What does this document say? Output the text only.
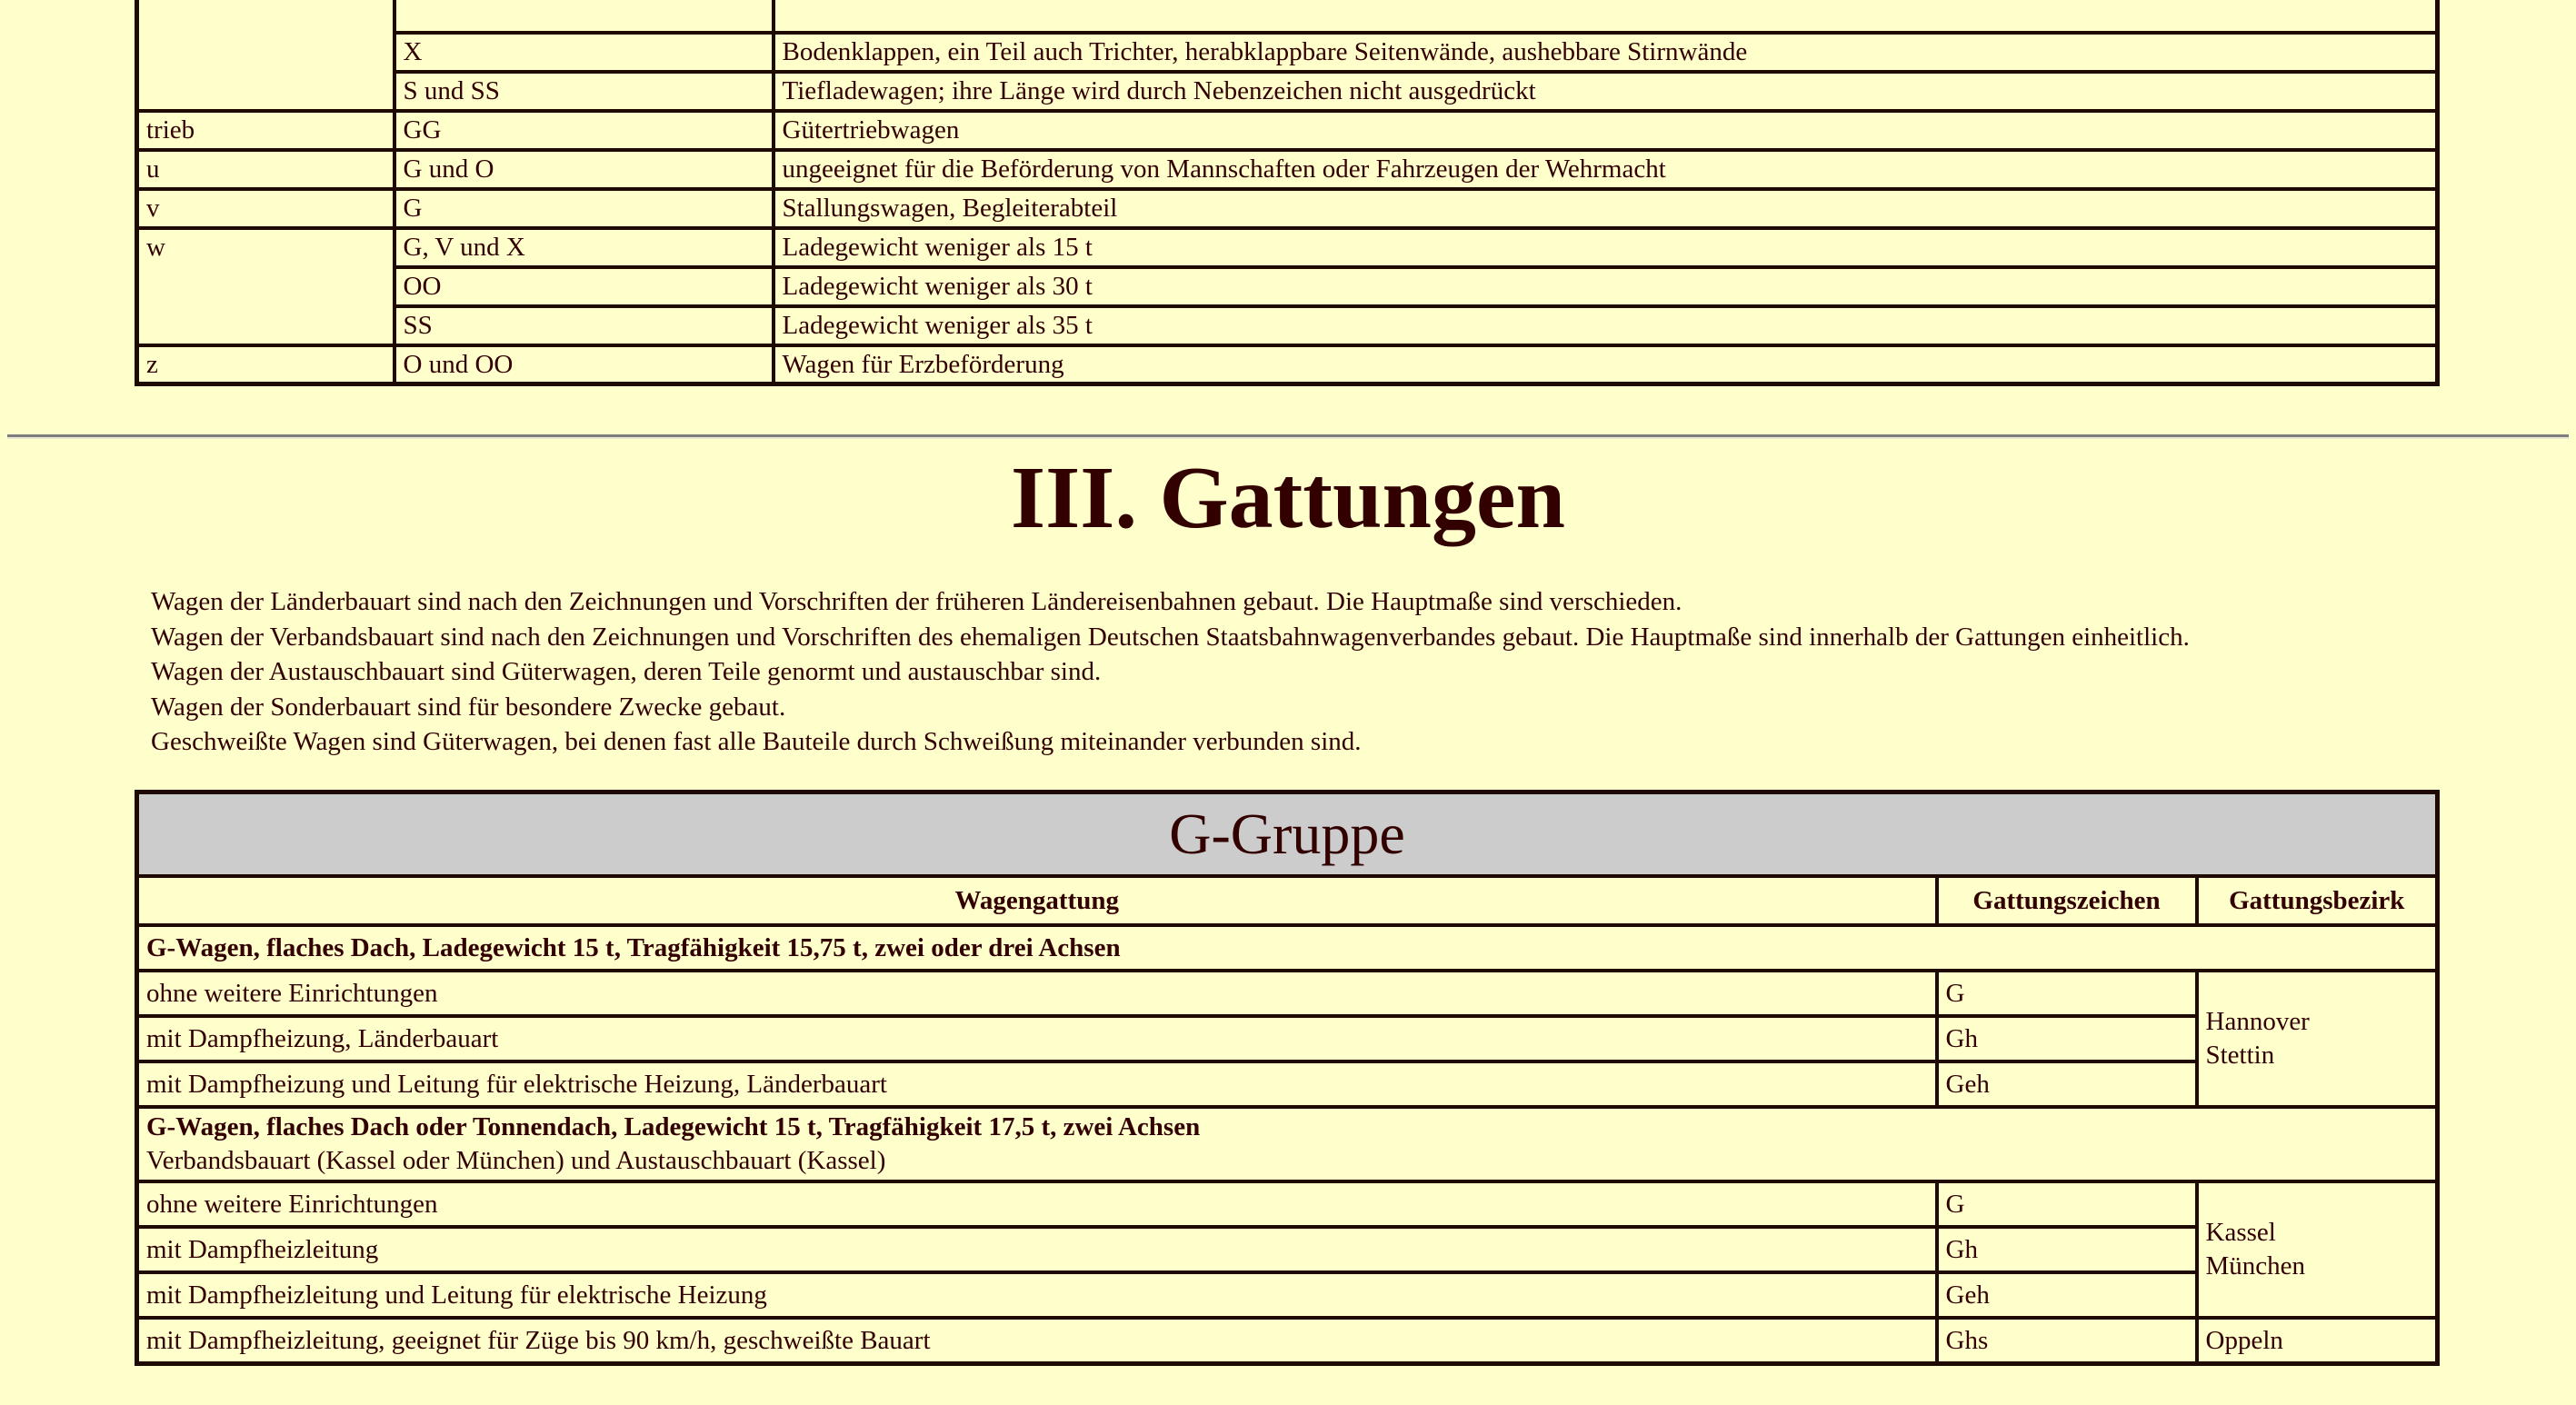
	X	Bodenklappen, ein Teil auch Trichter, herabklappbare Seitenwände, aushebbare Stirnwände
	S und SS	Tiefladewagen; ihre Länge wird durch Nebenzeichen nicht ausgedrückt
trieb	GG	Gütertriebwagen
u	G und O	ungeeignet für die Beförderung von Mannschaften oder Fahrzeugen der Wehrmacht
v	G	Stallungswagen, Begleiterabteil
w	G, V und X	Ladegewicht weniger als 15 t
	OO	Ladegewicht weniger als 30 t
	SS	Ladegewicht weniger als 35 t
z	O und OO	Wagen für Erzbeförderung
III. Gattungen

Wagen der Länderbauart sind nach den Zeichnungen und Vorschriften der früheren Ländereisenbahnen gebaut. Die Hauptmaße sind verschieden.

Wagen der Verbandsbauart sind nach den Zeichnungen und Vorschriften des ehemaligen Deutschen Staatsbahnwagenverbandes gebaut. Die Hauptmaße sind innerhalb der Gattungen einheitlich.

Wagen der Austauschbauart sind Güterwagen, deren Teile genormt und austauschbar sind.

Wagen der Sonderbauart sind für besondere Zwecke gebaut.

Geschweißte Wagen sind Güterwagen, bei denen fast alle Bauteile durch Schweißung miteinander verbunden sind.

G-Gruppe		
Wagengattung	Gattungszeichen	Gattungsbezirk
G-Wagen, flaches Dach, Ladegewicht 15 t, Tragfähigkeit 15,75 t, zwei oder drei Achsen		
ohne weitere Einrichtungen	G	Hannover
Stettin
mit Dampfheizung, Länderbauart	Gh	
mit Dampfheizung und Leitung für elektrische Heizung, Länderbauart	Geh	
G-Wagen, flaches Dach oder Tonnendach, Ladegewicht 15 t, Tragfähigkeit 17,5 t, zwei Achsen
Verbandsbauart (Kassel oder München) und Austauschbauart (Kassel)		
ohne weitere Einrichtungen	G	Kassel
München
mit Dampfheizleitung	Gh	
mit Dampfheizleitung und Leitung für elektrische Heizung	Geh	
mit Dampfheizleitung, geeignet für Züge bis 90 km/h, geschweißte Bauart	Ghs	Oppeln
